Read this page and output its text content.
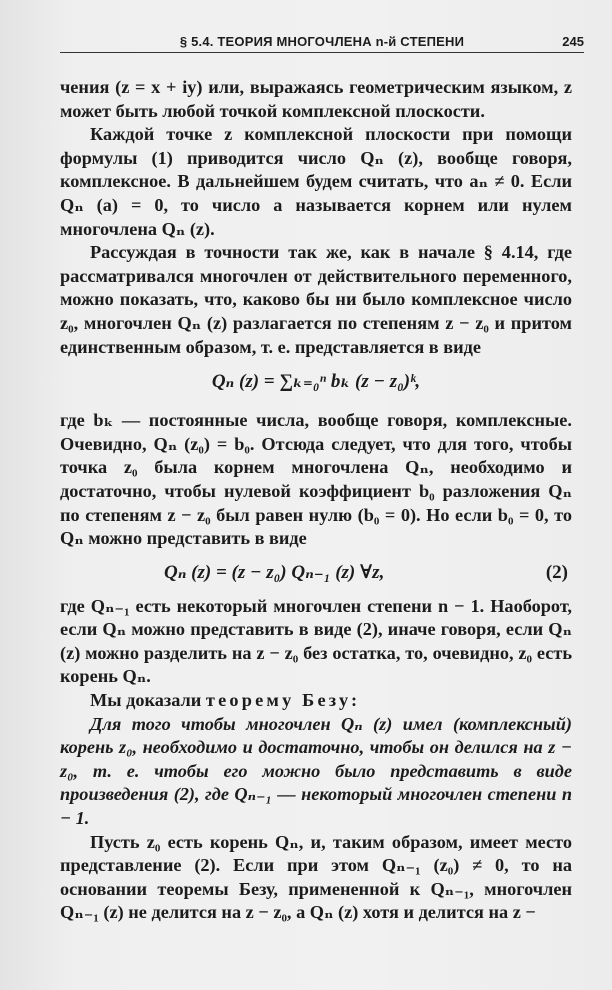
§ 5.4. ТЕОРИЯ МНОГОЧЛЕНА n-й СТЕПЕНИ	245

чения (z = x + iy) или, выражаясь геометрическим языком, z может быть любой точкой комплексной плоскости.

Каждой точке z комплексной плоскости при помощи формулы (1) приводится число Qₙ (z), вообще говоря, комплексное. В дальнейшем будем считать, что aₙ ≠ 0. Если Qₙ (a) = 0, то число a называется корнем или нулем многочлена Qₙ (z).

Рассуждая в точности так же, как в начале § 4.14, где рассматривался многочлен от действительного переменного, можно показать, что, каково бы ни было комплексное число z₀, многочлен Qₙ (z) разлагается по степеням z − z₀ и притом единственным образом, т. е. представляется в виде

Qₙ (z) = ∑ₖ₌₀ⁿ bₖ (z − z₀)ᵏ,

где bₖ — постоянные числа, вообще говоря, комплексные. Очевидно, Qₙ (z₀) = b₀. Отсюда следует, что для того, чтобы точка z₀ была корнем многочлена Qₙ, необходимо и достаточно, чтобы нулевой коэффициент b₀ разложения Qₙ по степеням z − z₀ был равен нулю (b₀ = 0). Но если b₀ = 0, то Qₙ можно представить в виде

Qₙ (z) = (z − z₀) Qₙ₋₁ (z) ∀z,	(2)

где Qₙ₋₁ есть некоторый многочлен степени n − 1. Наоборот, если Qₙ можно представить в виде (2), иначе говоря, если Qₙ (z) можно разделить на z − z₀ без остатка, то, очевидно, z₀ есть корень Qₙ.

Мы доказали теорему Безу:

Для того чтобы многочлен Qₙ (z) имел (комплексный) корень z₀, необходимо и достаточно, чтобы он делился на z − z₀, т. е. чтобы его можно было представить в виде произведения (2), где Qₙ₋₁ — некоторый многочлен степени n − 1.

Пусть z₀ есть корень Qₙ, и, таким образом, имеет место представление (2). Если при этом Qₙ₋₁ (z₀) ≠ 0, то на основании теоремы Безу, примененной к Qₙ₋₁, многочлен Qₙ₋₁ (z) не делится на z − z₀, а Qₙ (z) хотя и делится на z −
